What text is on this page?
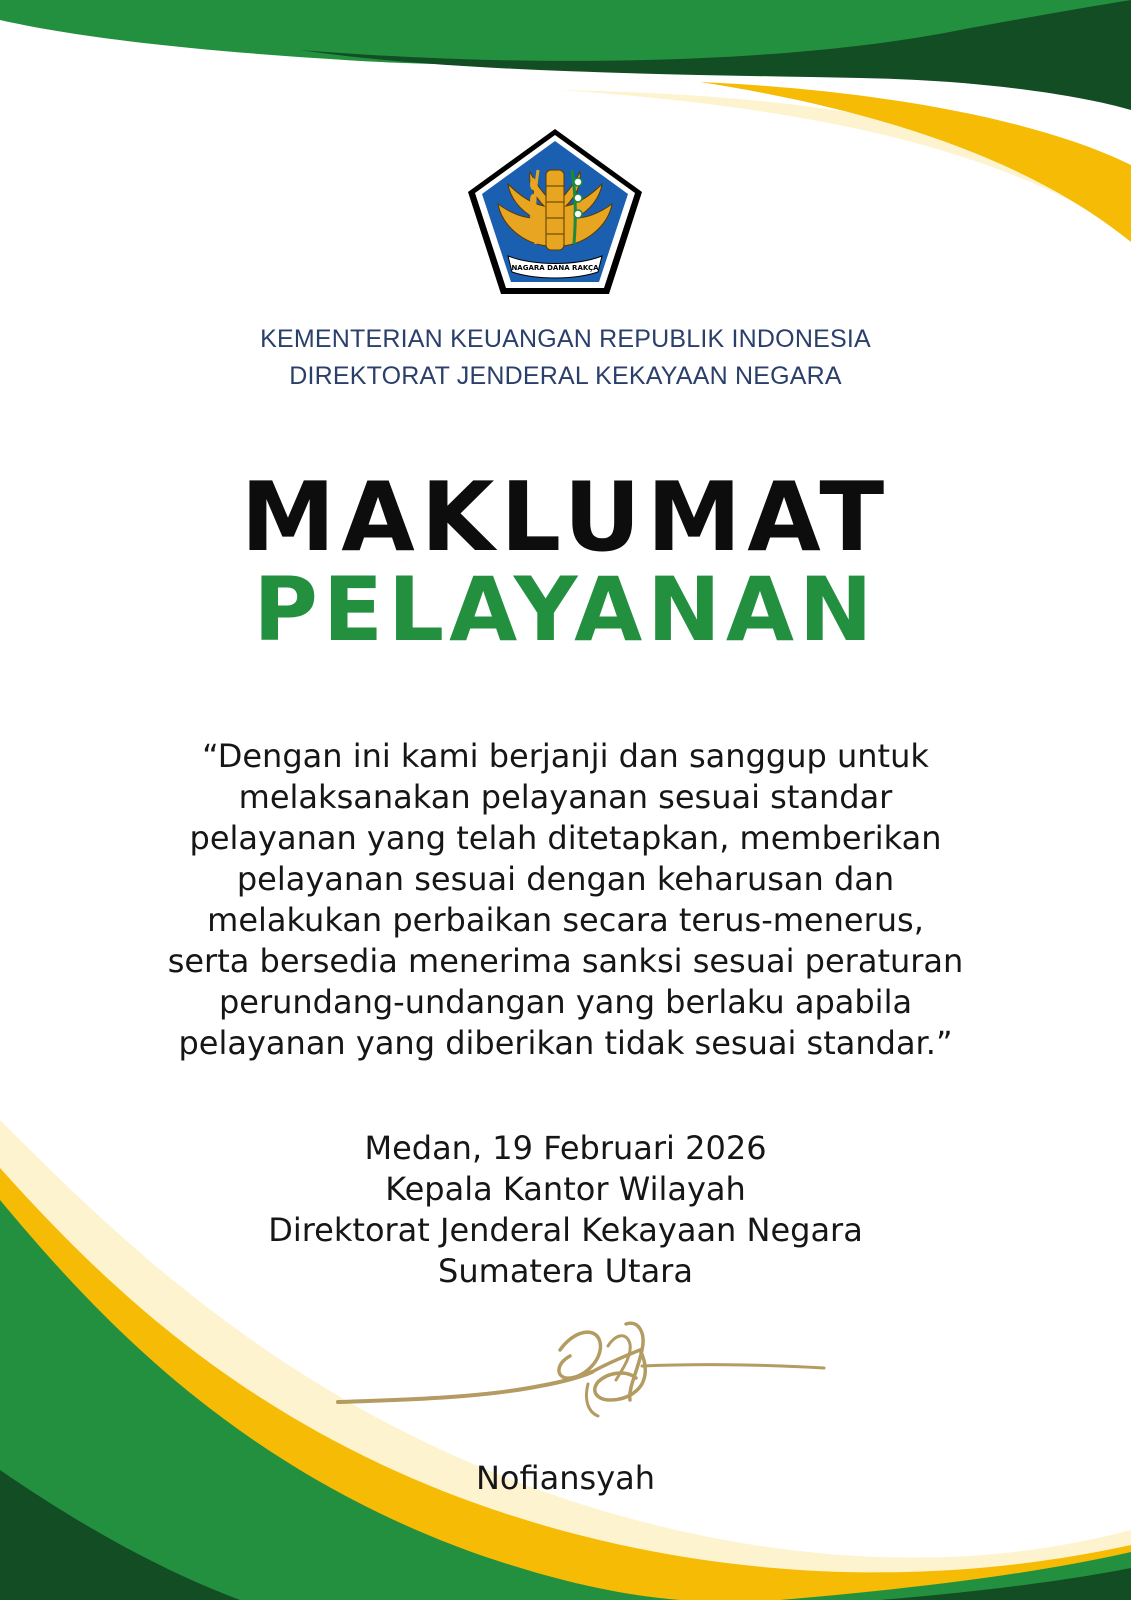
NAGARA DANA RAKÇA
KEMENTERIAN KEUANGAN REPUBLIK INDONESIA
DIREKTORAT JENDERAL KEKAYAAN NEGARA
MAKLUMAT
PELAYANAN
“Dengan ini kami berjanji dan sanggup untuk
melaksanakan pelayanan sesuai standar
pelayanan yang telah ditetapkan, memberikan
pelayanan sesuai dengan keharusan dan
melakukan perbaikan secara terus-menerus,
serta bersedia menerima sanksi sesuai peraturan
perundang-undangan yang berlaku apabila
pelayanan yang diberikan tidak sesuai standar.”
Medan, 19 Februari 2026
Kepala Kantor Wilayah
Direktorat Jenderal Kekayaan Negara
Sumatera Utara
Nofiansyah
